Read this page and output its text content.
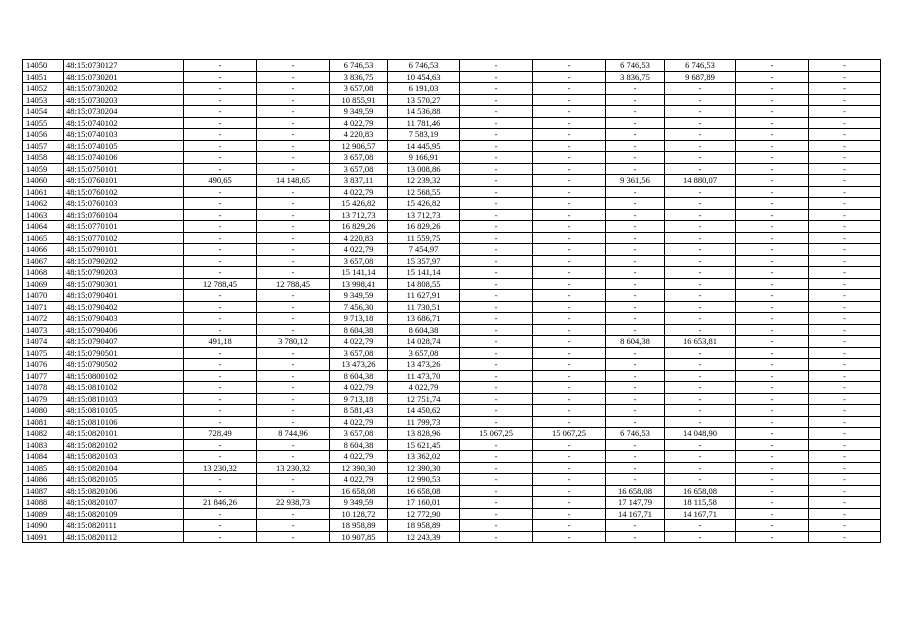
14050	48:15:0730127	-	-	6 746,53	6 746,53	-	-	6 746,53	6 746,53	-	-
14051	48:15:0730201	-	-	3 836,75	10 454,63	-	-	3 836,75	9 687,89	-	-
14052	48:15:0730202	-	-	3 657,08	6 191,03	-	-	-	-	-	-
14053	48:15:0730203	-	-	10 855,91	13 570,27	-	-	-	-	-	-
14054	48:15:0730204	-	-	9 349,59	14 536,88	-	-	-	-	-	-
14055	48:15:0740102	-	-	4 022,79	11 781,46	-	-	-	-	-	-
14056	48:15:0740103	-	-	4 220,83	7 583,19	-	-	-	-	-	-
14057	48:15:0740105	-	-	12 906,57	14 445,95	-	-	-	-	-	-
14058	48:15:0740106	-	-	3 657,08	9 166,91	-	-	-	-	-	-
14059	48:15:0750101	-	-	3 657,08	13 008,86	-	-	-	-	-	-
14060	48:15:0760101	490,65	14 148,65	3 837,11	12 239,32	-	-	9 361,56	14 880,07	-	-
14061	48:15:0760102	-	-	4 022,79	12 568,55	-	-	-	-	-	-
14062	48:15:0760103	-	-	15 426,82	15 426,82	-	-	-	-	-	-
14063	48:15:0760104	-	-	13 712,73	13 712,73	-	-	-	-	-	-
14064	48:15:0770101	-	-	16 829,26	16 829,26	-	-	-	-	-	-
14065	48:15:0770102	-	-	4 220,83	11 559,75	-	-	-	-	-	-
14066	48:15:0790101	-	-	4 022,79	7 454,97	-	-	-	-	-	-
14067	48:15:0790202	-	-	3 657,08	15 357,97	-	-	-	-	-	-
14068	48:15:0790203	-	-	15 141,14	15 141,14	-	-	-	-	-	-
14069	48:15:0790301	12 788,45	12 788,45	13 998,41	14 808,55	-	-	-	-	-	-
14070	48:15:0790401	-	-	9 349,59	11 627,91	-	-	-	-	-	-
14071	48:15:0790402	-	-	7 456,30	11 730,51	-	-	-	-	-	-
14072	48:15:0790403	-	-	9 713,18	13 686,71	-	-	-	-	-	-
14073	48:15:0790406	-	-	8 604,38	8 604,38	-	-	-	-	-	-
14074	48:15:0790407	491,18	3 780,12	4 022,79	14 028,74	-	-	8 604,38	16 653,81	-	-
14075	48:15:0790501	-	-	3 657,08	3 657,08	-	-	-	-	-	-
14076	48:15:0790502	-	-	13 473,26	13 473,26	-	-	-	-	-	-
14077	48:15:0800102	-	-	8 604,38	11 473,70	-	-	-	-	-	-
14078	48:15:0810102	-	-	4 022,79	4 022,79	-	-	-	-	-	-
14079	48:15:0810103	-	-	9 713,18	12 751,74	-	-	-	-	-	-
14080	48:15:0810105	-	-	8 581,43	14 450,62	-	-	-	-	-	-
14081	48:15:0810106	-	-	4 022,79	11 799,73	-	-	-	-	-	-
14082	48:15:0820101	728,49	8 744,96	3 657,08	13 828,96	15 067,25	15 067,25	6 746,53	14 048,90	-	-
14083	48:15:0820102	-	-	8 604,38	15 621,45	-	-	-	-	-	-
14084	48:15:0820103	-	-	4 022,79	13 362,02	-	-	-	-	-	-
14085	48:15:0820104	13 230,32	13 230,32	12 390,30	12 390,30	-	-	-	-	-	-
14086	48:15:0820105	-	-	4 022,79	12 990,53	-	-	-	-	-	-
14087	48:15:0820106	-	-	16 658,08	16 658,08	-	-	16 658,08	16 658,08	-	-
14088	48:15:0820107	21 846,26	22 938,73	9 349,59	17 160,01	-	-	17 147,79	18 115,58	-	-
14089	48:15:0820109	-	-	10 128,72	12 772,90	-	-	14 167,71	14 167,71	-	-
14090	48:15:0820111	-	-	18 958,89	18 958,89	-	-	-	-	-	-
14091	48:15:0820112	-	-	10 907,85	12 243,39	-	-	-	-	-	-
